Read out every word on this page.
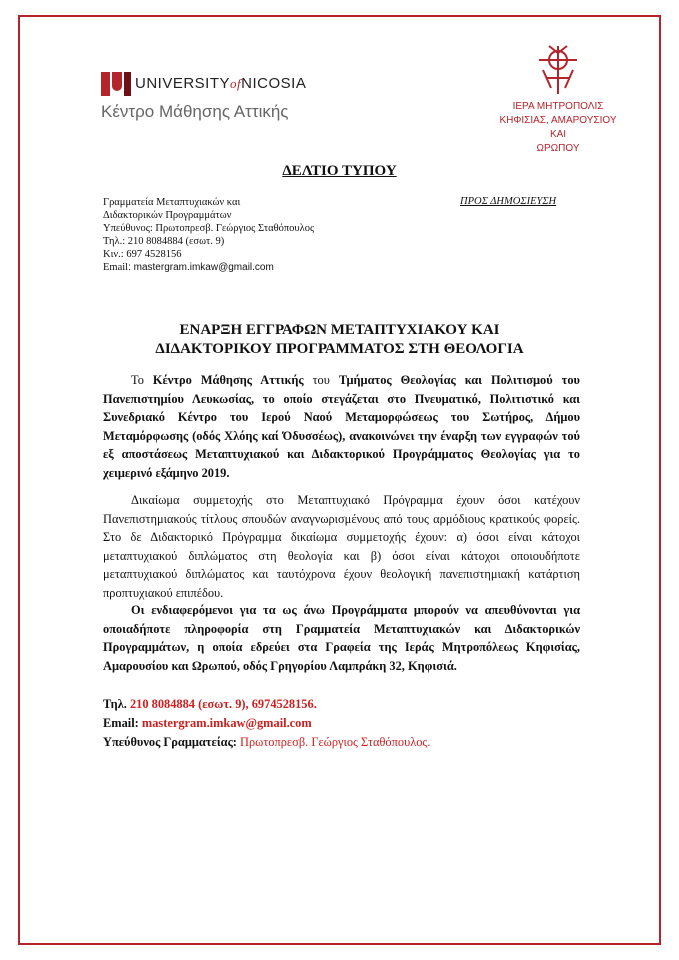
UNIVERSITYofNICOSIA
Κέντρο Μάθησης Αττικής	ΙΕΡΑ ΜΗΤΡΟΠΟΛΙΣ
ΚΗΦΙΣΙΑΣ, ΑΜΑΡΟΥΣΙΟΥ ΚΑΙ
ΩΡΩΠΟΥ
ΔΕΛΤΙΟ ΤΥΠΟΥ
Γραμματεία Μεταπτυχιακών και
Διδακτορικών Προγραμμάτων
Υπεύθυνος: Πρωτοπρεσβ. Γεώργιος Σταθόπουλος
Τηλ.: 210 8084884 (εσωτ. 9)
Κιν.: 697 4528156
Email: mastergram.imkaw@gmail.com
ΠΡΟΣ ΔΗΜΟΣΙΕΥΣΗ
ΕΝΑΡΞΗ ΕΓΓΡΑΦΩΝ ΜΕΤΑΠΤΥΧΙΑΚΟΥ ΚΑΙ
ΔΙΔΑΚΤΟΡΙΚΟΥ ΠΡΟΓΡΑΜΜΑΤΟΣ ΣΤΗ ΘΕΟΛΟΓΙΑ
Το Κέντρο Μάθησης Αττικής του Τμήματος Θεολογίας και Πολιτισμού του Πανεπιστημίου Λευκωσίας, το οποίο στεγάζεται στο Πνευματικό, Πολιτιστικό και Συνεδριακό Κέντρο του Ιερού Ναού Μεταμορφώσεως του Σωτήρος, Δήμου Μεταμόρφωσης (οδός Χλόης καί Όδυσσέως), ανακοινώνει την έναρξη των εγγραφών τού εξ αποστάσεως Μεταπτυχιακού και Διδακτορικού Προγράμματος Θεολογίας για το χειμερινό εξάμηνο 2019.
Δικαίωμα συμμετοχής στο Μεταπτυχιακό Πρόγραμμα έχουν όσοι κατέχουν Πανεπιστημιακούς τίτλους σπουδών αναγνωρισμένους από τους αρμόδιους κρατικούς φορείς. Στο δε Διδακτορικό Πρόγραμμα δικαίωμα συμμετοχής έχουν: α) όσοι είναι κάτοχοι μεταπτυχιακού διπλώματος στη θεολογία και β) όσοι είναι κάτοχοι οποιουδήποτε μεταπτυχιακού διπλώματος και ταυτόχρονα έχουν θεολογική πανεπιστημιακή κατάρτιση προπτυχιακού επιπέδου.
Οι ενδιαφερόμενοι για τα ως άνω Προγράμματα μπορούν να απευθύνονται για οποιαδήποτε πληροφορία στη Γραμματεία Μεταπτυχιακών και Διδακτορικών Προγραμμάτων, η οποία εδρεύει στα Γραφεία της Ιεράς Μητροπόλεως Κηφισίας, Αμαρουσίου και Ωρωπού, οδός Γρηγορίου Λαμπράκη 32, Κηφισιά.
Τηλ. 210 8084884 (εσωτ. 9), 6974528156.
Email: mastergram.imkaw@gmail.com
Υπεύθυνος Γραμματείας: Πρωτοπρεσβ. Γεώργιος Σταθόπουλος.
